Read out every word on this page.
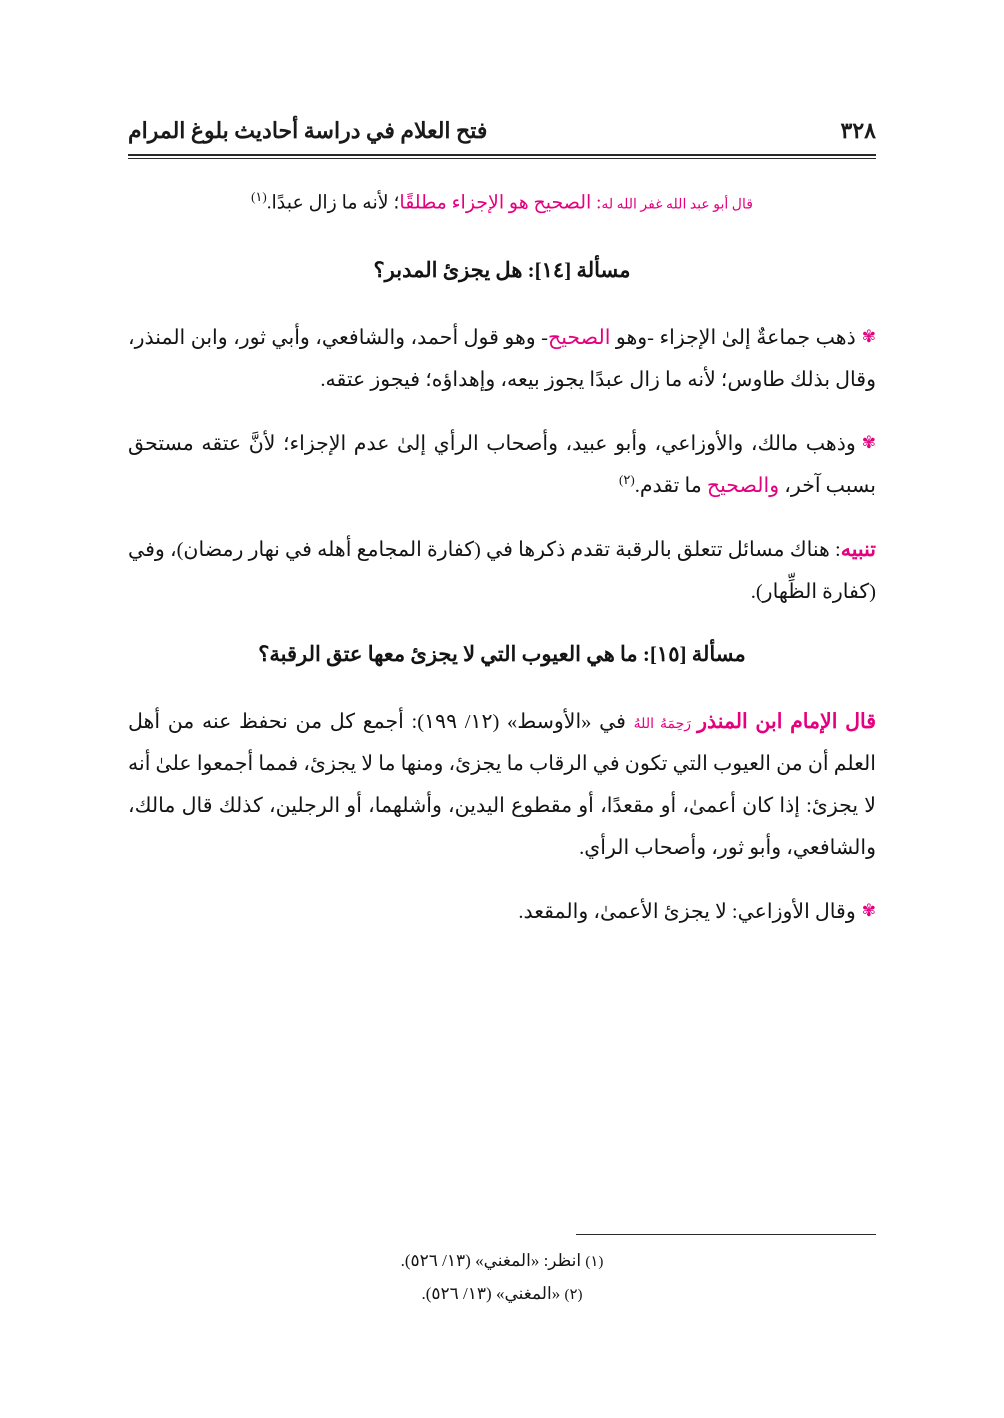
فتح العلام في دراسة أحاديث بلوغ المرام	٣٢٨

قال أبو عبد الله غفر الله له: الصحيح هو الإجزاء مطلقًا؛ لأنه ما زال عبدًا.$^{(١)}$

مسألة [١٤]: هل يجزئ المدبر؟

✾ذهب جماعةٌ إلىٰ الإجزاء -وهو الصحيح- وهو قول أحمد، والشافعي، وأبي ثور، وابن المنذر، وقال بذلك طاوس؛ لأنه ما زال عبدًا يجوز بيعه، وإهداؤه؛ فيجوز عتقه.

✾وذهب مالك، والأوزاعي، وأبو عبيد، وأصحاب الرأي إلىٰ عدم الإجزاء؛ لأنَّ عتقه مستحق بسبب آخر، والصحيح ما تقدم.$^{(٢)}$

تنبيه: هناك مسائل تتعلق بالرقبة تقدم ذكرها في (كفارة المجامع أهله في نهار رمضان)، وفي (كفارة الظِّهار).

مسألة [١٥]: ما هي العيوب التي لا يجزئ معها عتق الرقبة؟

قال الإمام ابن المنذر رَحِمَهُ اللهُ في «الأوسط» (١٢/ ١٩٩): أجمع كل من نحفظ عنه من أهل العلم أن من العيوب التي تكون في الرقاب ما يجزئ، ومنها ما لا يجزئ، فمما أجمعوا علىٰ أنه لا يجزئ: إذا كان أعمىٰ، أو مقعدًا، أو مقطوع اليدين، وأشلهما، أو الرجلين، كذلك قال مالك، والشافعي، وأبو ثور، وأصحاب الرأي.

✾وقال الأوزاعي: لا يجزئ الأعمىٰ، والمقعد.

(١) انظر: «المغني» (١٣/ ٥٢٦).

(٢) «المغني» (١٣/ ٥٢٦).
